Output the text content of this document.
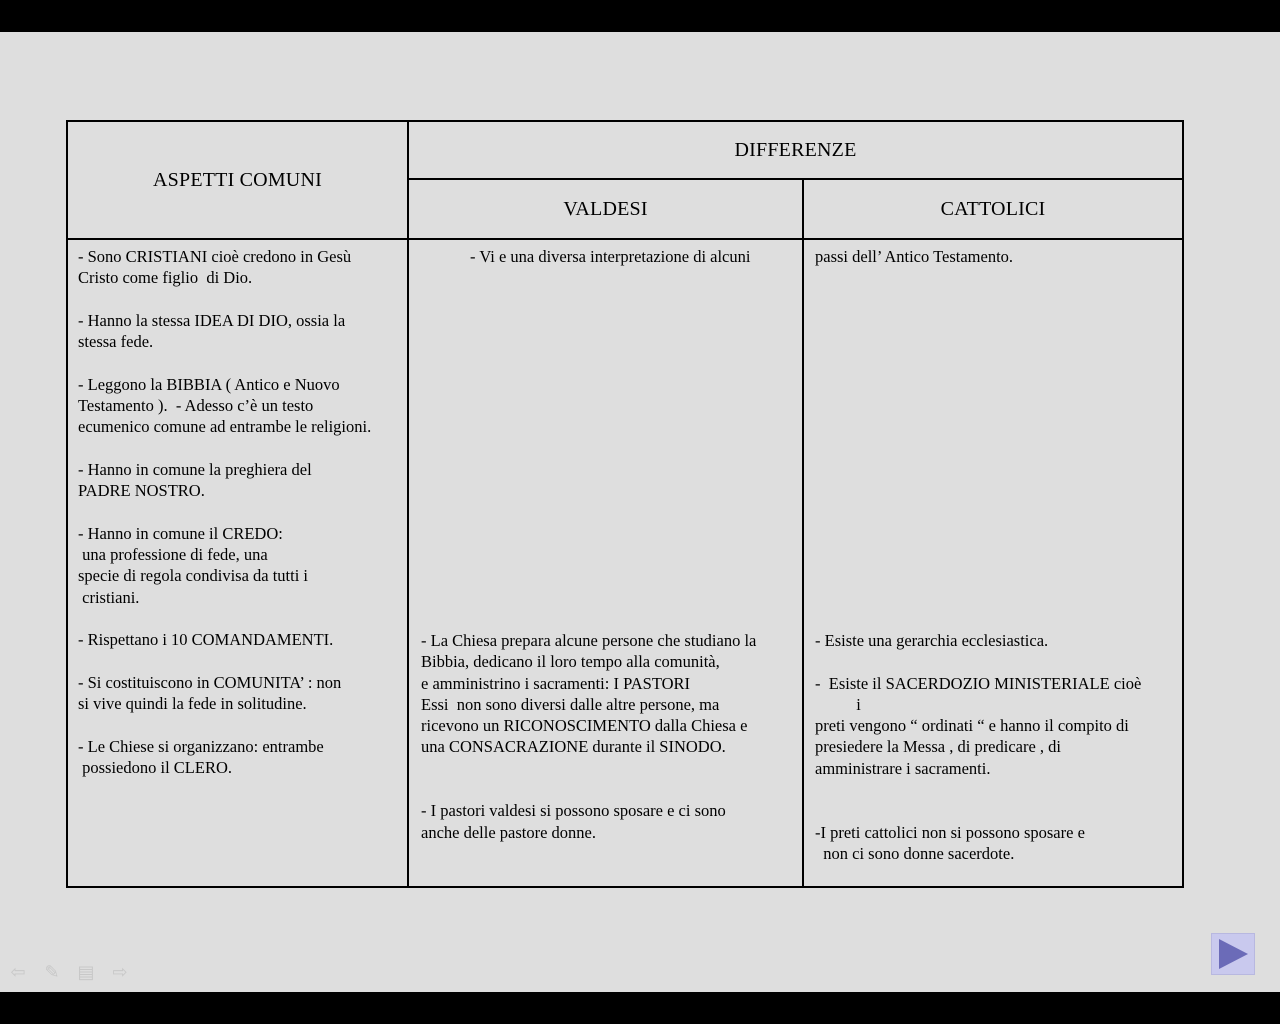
ASPETTI COMUNI
DIFFERENZE
VALDESI	CATTOLICI
- Sono CRISTIANI cioè credono in Gesù
Cristo come figlio  di Dio.

- Hanno la stessa IDEA DI DIO, ossia la
stessa fede.

- Leggono la BIBBIA ( Antico e Nuovo
Testamento ).  - Adesso c’è un testo
ecumenico comune ad entrambe le religioni.

- Hanno in comune la preghiera del
PADRE NOSTRO.

- Hanno in comune il CREDO:
una professione di fede, una
specie di regola condivisa da tutti i
cristiani.

- Rispettano i 10 COMANDAMENTI.

- Si costituiscono in COMUNITA’ : non
si vive quindi la fede in solitudine.

- Le Chiese si organizzano: entrambe
possiedono il CLERO.
- Vi e una diversa interpretazione di alcuni
- La Chiesa prepara alcune persone che studiano la
Bibbia, dedicano il loro tempo alla comunità,
e amministrino i sacramenti: I PASTORI
Essi  non sono diversi dalle altre persone, ma
ricevono un RICONOSCIMENTO dalla Chiesa e
una CONSACRAZIONE durante il SINODO.

- I pastori valdesi si possono sposare e ci sono
anche delle pastore donne.
passi dell’ Antico Testamento.
- Esiste una gerarchia ecclesiastica.

-  Esiste il SACERDOZIO MINISTERIALE cioè
i
preti vengono “ ordinati “ e hanno il compito di
presiedere la Messa , di predicare , di
amministrare i sacramenti.

-I preti cattolici non si possono sposare e
non ci sono donne sacerdote.
⇦ ✎ ▤ ⇨
